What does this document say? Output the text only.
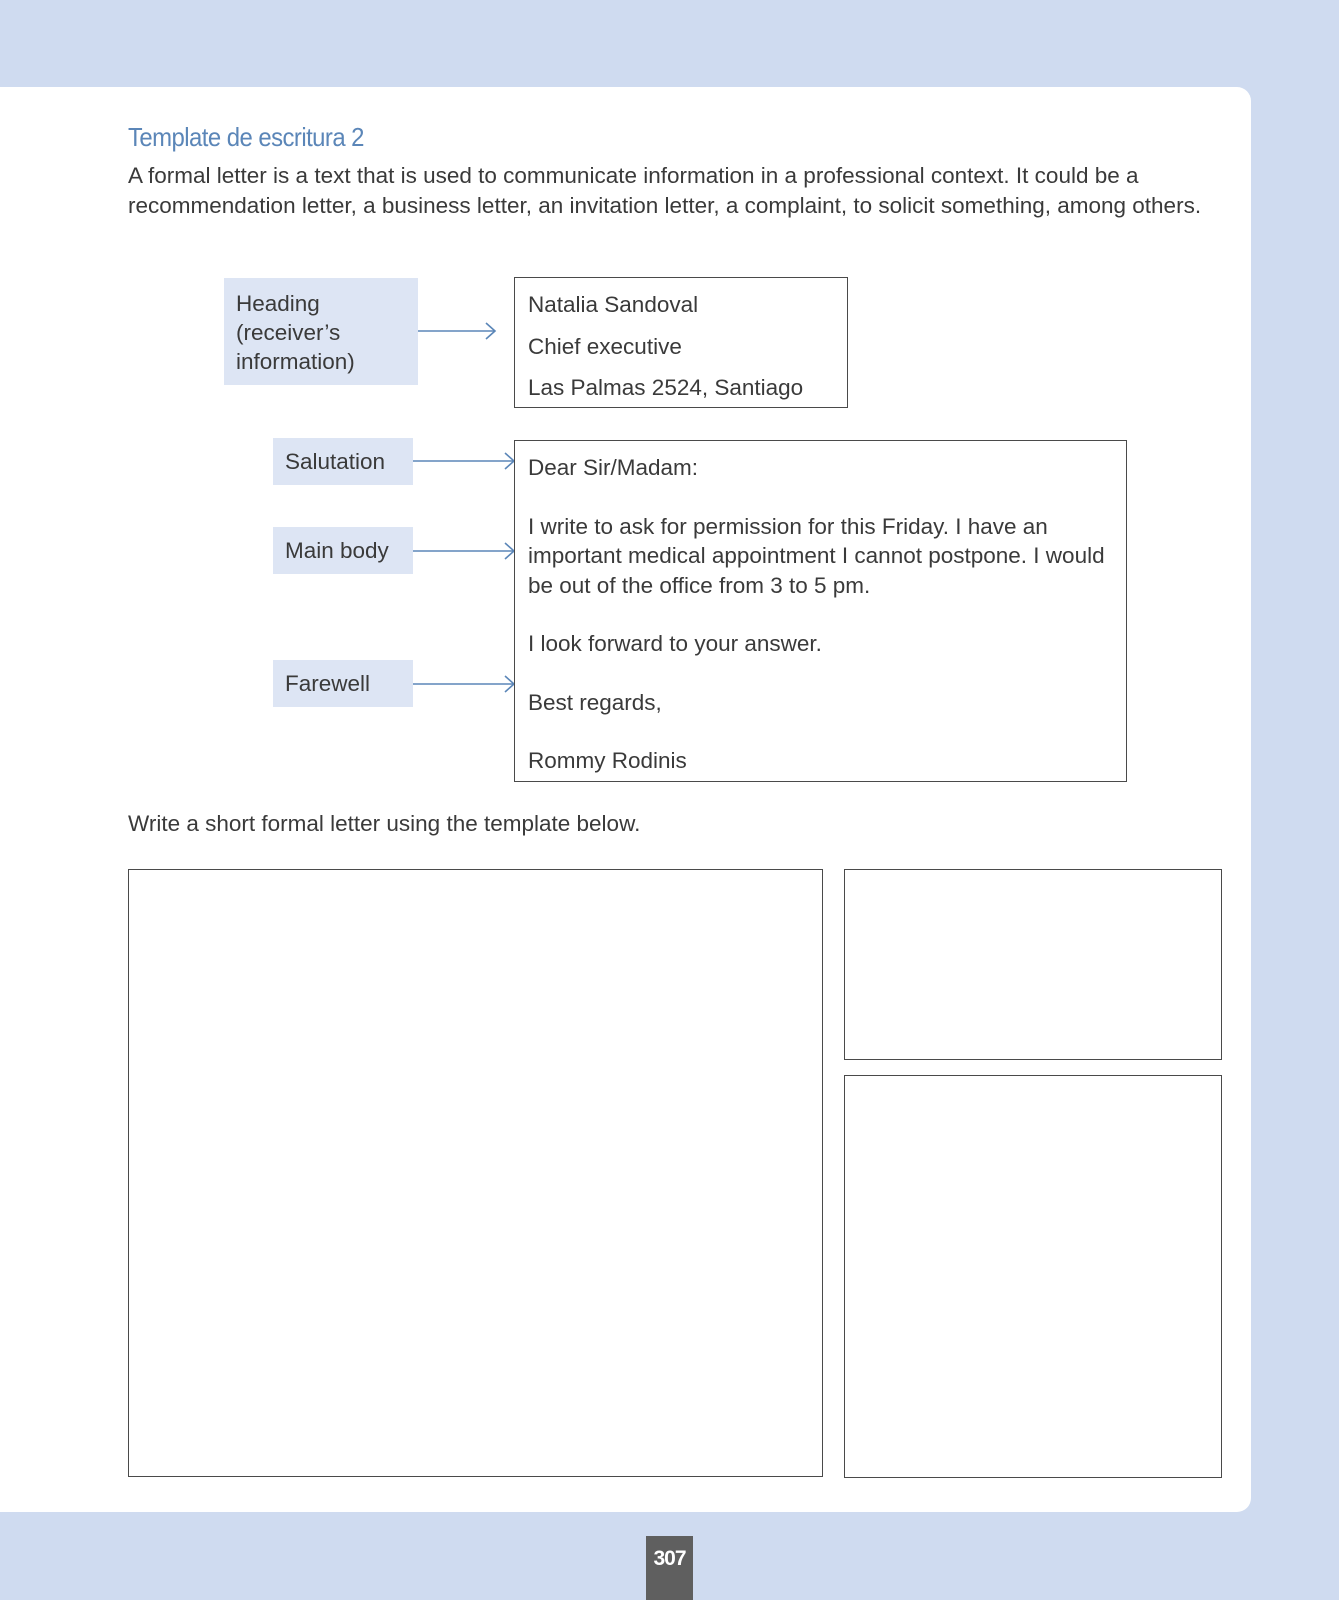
Template de escritura 2

A formal letter is a text that is used to communicate information in a professional context. It could be a recommendation letter, a business letter, an invitation letter, a complaint, to solicit something, among others.

Heading
(receiver’s
information)
Salutation
Main body
Farewell
Natalia Sandoval
Chief executive
Las Palmas 2524, Santiago

Dear Sir/Madam:

I write to ask for permission for this Friday. I have an important medical appointment I cannot postpone. I would be out of the office from 3 to 5 pm.

I look forward to your answer.

Best regards,

Rommy Rodinis

Write a short formal letter using the template below.

307
